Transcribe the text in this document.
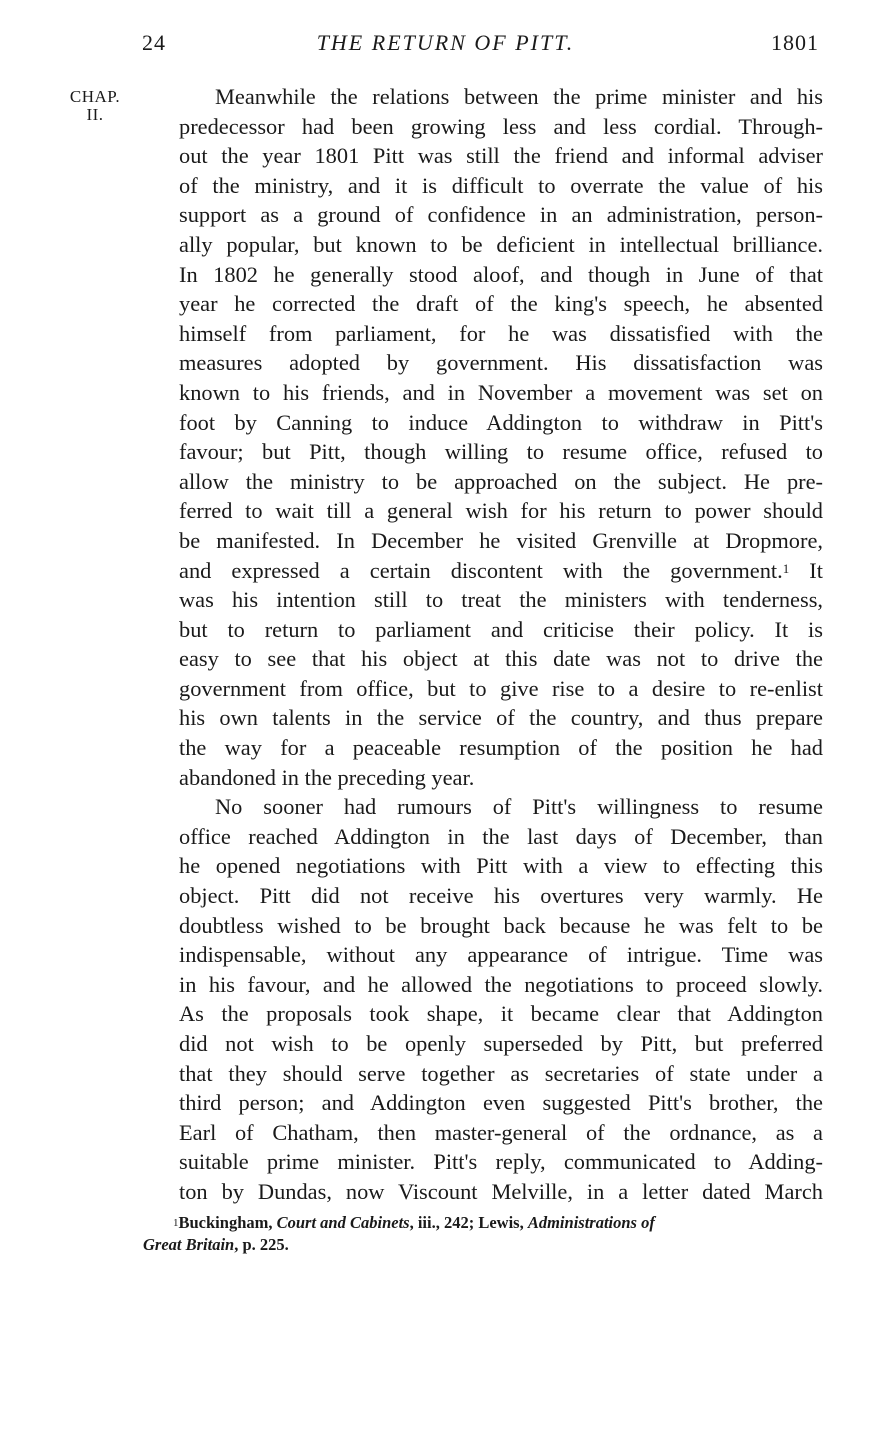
24	THE RETURN OF PITT.	1801
CHAP.
II.
Meanwhile the relations between the prime minister and his
predecessor had been growing less and less cordial. Through-
out the year 1801 Pitt was still the friend and informal adviser
of the ministry, and it is difficult to overrate the value of his
support as a ground of confidence in an administration, person-
ally popular, but known to be deficient in intellectual brilliance.
In 1802 he generally stood aloof, and though in June of that
year he corrected the draft of the king's speech, he absented
himself from parliament, for he was dissatisfied with the
measures adopted by government. His dissatisfaction was
known to his friends, and in November a movement was set on
foot by Canning to induce Addington to withdraw in Pitt's
favour; but Pitt, though willing to resume office, refused to
allow the ministry to be approached on the subject. He pre-
ferred to wait till a general wish for his return to power should
be manifested. In December he visited Grenville at Dropmore,
and expressed a certain discontent with the government.$^1$ It
was his intention still to treat the ministers with tenderness,
but to return to parliament and criticise their policy. It is
easy to see that his object at this date was not to drive the
government from office, but to give rise to a desire to re-enlist
his own talents in the service of the country, and thus prepare
the way for a peaceable resumption of the position he had
abandoned in the preceding year.
No sooner had rumours of Pitt's willingness to resume
office reached Addington in the last days of December, than
he opened negotiations with Pitt with a view to effecting this
object. Pitt did not receive his overtures very warmly. He
doubtless wished to be brought back because he was felt to be
indispensable, without any appearance of intrigue. Time was
in his favour, and he allowed the negotiations to proceed slowly.
As the proposals took shape, it became clear that Addington
did not wish to be openly superseded by Pitt, but preferred
that they should serve together as secretaries of state under a
third person; and Addington even suggested Pitt's brother, the
Earl of Chatham, then master-general of the ordnance, as a
suitable prime minister. Pitt's reply, communicated to Adding-
ton by Dundas, now Viscount Melville, in a letter dated March
$^1$Buckingham, Court and Cabinets, iii., 242; Lewis, Administrations of
Great Britain, p. 225.
